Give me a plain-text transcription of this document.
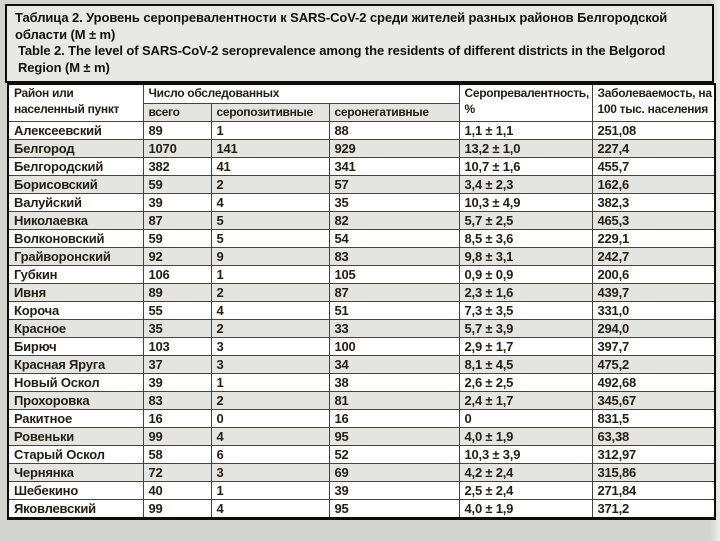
Таблица 2. Уровень серопревалентности к SARS-CoV-2 среди жителей разных районов Белгородской области (M ± m)
Table 2. The level of SARS-CoV-2 seroprevalence among the residents of different districts in the Belgorod Region (M ± m)
Район или населенный пункт	Число обследованных			Серопревалентность, %	Заболеваемость, на 100 тыс. населения
	всего	серопозитивные	серонегативные		
Алексеевский	89	1	88	1,1 ± 1,1	251,08
Белгород	1070	141	929	13,2 ± 1,0	227,4
Белгородский	382	41	341	10,7 ± 1,6	455,7
Борисовский	59	2	57	3,4 ± 2,3	162,6
Валуйский	39	4	35	10,3 ± 4,9	382,3
Николаевка	87	5	82	5,7 ± 2,5	465,3
Волконовский	59	5	54	8,5 ± 3,6	229,1
Грайворонский	92	9	83	9,8 ± 3,1	242,7
Губкин	106	1	105	0,9 ± 0,9	200,6
Ивня	89	2	87	2,3 ± 1,6	439,7
Короча	55	4	51	7,3 ± 3,5	331,0
Красное	35	2	33	5,7 ± 3,9	294,0
Бирюч	103	3	100	2,9 ± 1,7	397,7
Красная Яруга	37	3	34	8,1 ± 4,5	475,2
Новый Оскол	39	1	38	2,6 ± 2,5	492,68
Прохоровка	83	2	81	2,4 ± 1,7	345,67
Ракитное	16	0	16	0	831,5
Ровеньки	99	4	95	4,0 ± 1,9	63,38
Старый Оскол	58	6	52	10,3 ± 3,9	312,97
Чернянка	72	3	69	4,2 ± 2,4	315,86
Шебекино	40	1	39	2,5 ± 2,4	271,84
Яковлевский	99	4	95	4,0 ± 1,9	371,2
